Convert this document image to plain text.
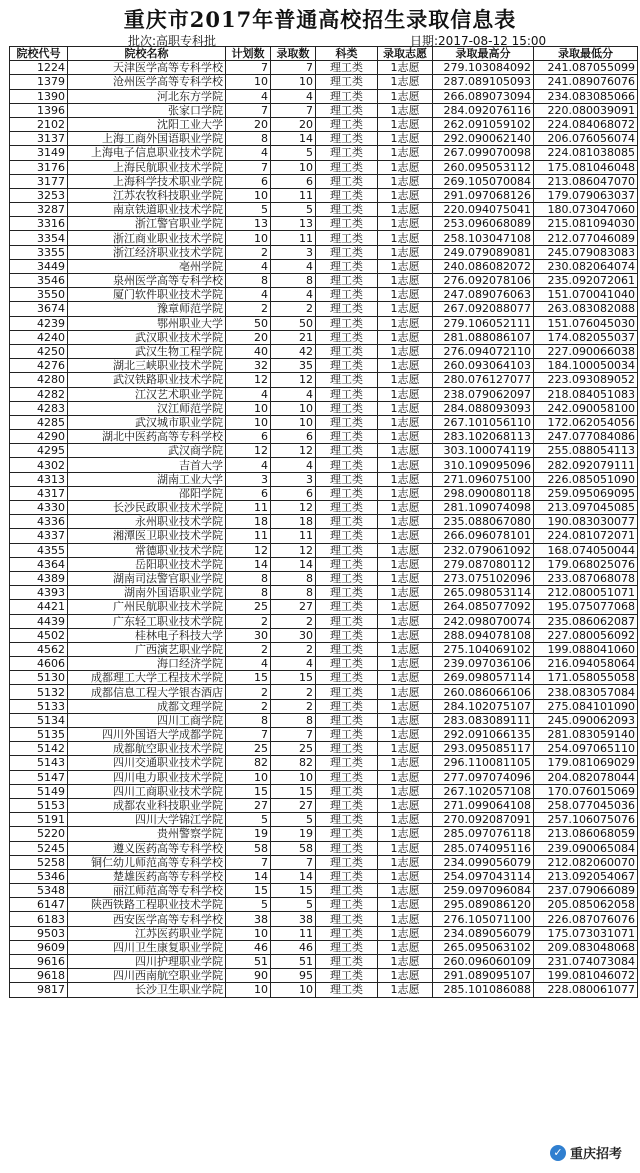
重庆市2017年普通高校招生录取信息表
批次:高职专科批	日期:2017-08-12 15:00
院校代号	院校名称	计划数	录取数	科类	录取志愿	录取最高分	录取最低分
1224	天津医学高等专科学校	7	7	理工类	1志愿	279.103084092	241.087055099
1379	沧州医学高等专科学校	10	10	理工类	1志愿	287.089105093	241.089076076
1390	河北东方学院	4	4	理工类	1志愿	266.089073094	234.083085066
1396	张家口学院	7	7	理工类	1志愿	284.092076116	220.080039091
2102	沈阳工业大学	20	20	理工类	1志愿	262.091059102	224.084068072
3137	上海工商外国语职业学院	8	14	理工类	1志愿	292.090062140	206.076056074
3149	上海电子信息职业技术学院	4	5	理工类	1志愿	267.099070098	224.081038085
3176	上海民航职业技术学院	7	10	理工类	1志愿	260.095053112	175.081046048
3177	上海科学技术职业学院	6	6	理工类	1志愿	269.105070084	213.086047070
3253	江苏农牧科技职业学院	10	11	理工类	1志愿	291.097068126	179.079063037
3287	南京铁道职业技术学院	5	5	理工类	1志愿	220.094075041	180.073047060
3316	浙江警官职业学院	13	13	理工类	1志愿	253.096068089	215.081094030
3354	浙江商业职业技术学院	10	11	理工类	1志愿	258.103047108	212.077046089
3355	浙江经济职业技术学院	2	3	理工类	1志愿	249.079089081	245.079083083
3449	亳州学院	4	4	理工类	1志愿	240.086082072	230.082064074
3546	泉州医学高等专科学校	8	8	理工类	1志愿	276.092078106	235.092072061
3550	厦门软件职业技术学院	4	4	理工类	1志愿	247.089076063	151.070041040
3674	豫章师范学院	2	2	理工类	1志愿	267.092088077	263.083082088
4239	鄂州职业大学	50	50	理工类	1志愿	279.106052111	151.076045030
4240	武汉职业技术学院	20	21	理工类	1志愿	281.088086107	174.082055037
4250	武汉生物工程学院	40	42	理工类	1志愿	276.094072110	227.090066038
4276	湖北三峡职业技术学院	32	35	理工类	1志愿	260.093064103	184.100050034
4280	武汉铁路职业技术学院	12	12	理工类	1志愿	280.076127077	223.093089052
4282	江汉艺术职业学院	4	4	理工类	1志愿	238.079062097	218.084051083
4283	汉江师范学院	10	10	理工类	1志愿	284.088093093	242.090058100
4285	武汉城市职业学院	10	10	理工类	1志愿	267.101056110	172.062054056
4290	湖北中医药高等专科学校	6	6	理工类	1志愿	283.102068113	247.077084086
4295	武汉商学院	12	12	理工类	1志愿	303.100074119	255.088054113
4302	吉首大学	4	4	理工类	1志愿	310.109095096	282.092079111
4313	湖南工业大学	3	3	理工类	1志愿	271.096075100	226.085051090
4317	邵阳学院	6	6	理工类	1志愿	298.090080118	259.095069095
4330	长沙民政职业技术学院	11	12	理工类	1志愿	281.109074098	213.097045085
4336	永州职业技术学院	18	18	理工类	1志愿	235.088067080	190.083030077
4337	湘潭医卫职业技术学院	11	11	理工类	1志愿	266.096078101	224.081072071
4355	常德职业技术学院	12	12	理工类	1志愿	232.079061092	168.074050044
4364	岳阳职业技术学院	14	14	理工类	1志愿	279.087080112	179.068025076
4389	湖南司法警官职业学院	8	8	理工类	1志愿	273.075102096	233.087068078
4393	湖南外国语职业学院	8	8	理工类	1志愿	265.098053114	212.080051071
4421	广州民航职业技术学院	25	27	理工类	1志愿	264.085077092	195.075077068
4439	广东轻工职业技术学院	2	2	理工类	1志愿	242.098070074	235.086062087
4502	桂林电子科技大学	30	30	理工类	1志愿	288.094078108	227.080056092
4562	广西演艺职业学院	2	2	理工类	1志愿	275.104069102	199.088041060
4606	海口经济学院	4	4	理工类	1志愿	239.097036106	216.094058064
5130	成都理工大学工程技术学院	15	15	理工类	1志愿	269.098057114	171.058055058
5132	成都信息工程大学银杏酒店	2	2	理工类	1志愿	260.086066106	238.083057084
5133	成都文理学院	2	2	理工类	1志愿	284.102075107	275.084101090
5134	四川工商学院	8	8	理工类	1志愿	283.083089111	245.090062093
5135	四川外国语大学成都学院	7	7	理工类	1志愿	292.091066135	281.083059140
5142	成都航空职业技术学院	25	25	理工类	1志愿	293.095085117	254.097065110
5143	四川交通职业技术学院	82	82	理工类	1志愿	296.110081105	179.081069029
5147	四川电力职业技术学院	10	10	理工类	1志愿	277.097074096	204.082078044
5149	四川工商职业技术学院	15	15	理工类	1志愿	267.102057108	170.076015069
5153	成都农业科技职业学院	27	27	理工类	1志愿	271.099064108	258.077045036
5191	四川大学锦江学院	5	5	理工类	1志愿	270.092087091	257.106075076
5220	贵州警察学院	19	19	理工类	1志愿	285.097076118	213.086068059
5245	遵义医药高等专科学校	58	58	理工类	1志愿	285.074095116	239.090065084
5258	铜仁幼儿师范高等专科学校	7	7	理工类	1志愿	234.099056079	212.082060070
5346	楚雄医药高等专科学校	14	14	理工类	1志愿	254.097043114	213.092054067
5348	丽江师范高等专科学校	15	15	理工类	1志愿	259.097096084	237.079066089
6147	陕西铁路工程职业技术学院	5	5	理工类	1志愿	295.089086120	205.085062058
6183	西安医学高等专科学校	38	38	理工类	1志愿	276.105071100	226.087076076
9503	江苏医药职业学院	10	11	理工类	1志愿	234.089056079	175.073031071
9609	四川卫生康复职业学院	46	46	理工类	1志愿	265.095063102	209.083048068
9616	四川护理职业学院	51	51	理工类	1志愿	260.096060109	231.074073084
9618	四川西南航空职业学院	90	95	理工类	1志愿	291.089095107	199.081046072
9817	长沙卫生职业学院	10	10	理工类	1志愿	285.101086088	228.080061077
✓ 重庆招考
